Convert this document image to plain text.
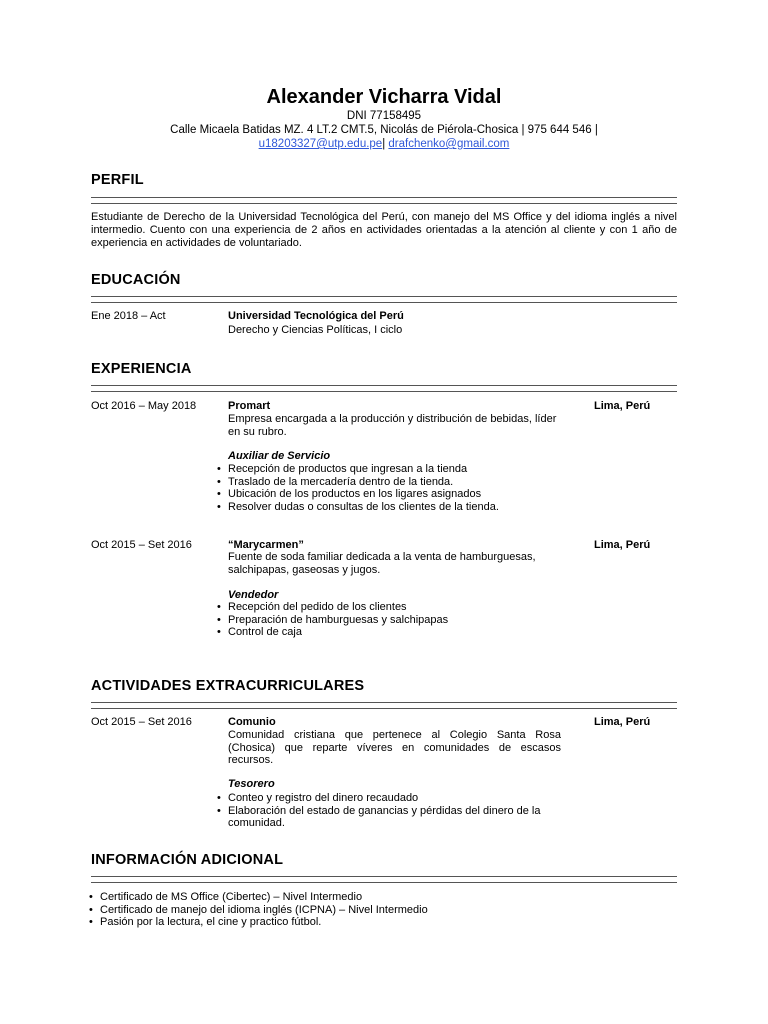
Alexander Vicharra Vidal
DNI 77158495
Calle Micaela Batidas MZ. 4 LT.2 CMT.5, Nicolás de Piérola-Chosica | 975 644 546 |
u18203327@utp.edu.pe| drafchenko@gmail.com
PERFIL
Estudiante de Derecho de la Universidad Tecnológica del Perú, con manejo del MS Office y del idioma inglés a nivel intermedio. Cuento con una experiencia de 2 años en actividades orientadas a la atención al cliente y con 1 año de experiencia en actividades de voluntariado.
EDUCACIÓN
Ene 2018 – Act	Universidad Tecnológica del Perú
Derecho y Ciencias Políticas, I ciclo
EXPERIENCIA
Oct 2016 – May 2018	Promart	Lima, Perú
Empresa encargada a la producción y distribución de bebidas, líder en su rubro.
Auxiliar de Servicio
• Recepción de productos que ingresan a la tienda
• Traslado de la mercadería dentro de la tienda.
• Ubicación de los productos en los ligares asignados
• Resolver dudas o consultas de los clientes de la tienda.
Oct 2015 – Set 2016	“Marycarmen”	Lima, Perú
Fuente de soda familiar dedicada a la venta de hamburguesas, salchipapas, gaseosas y jugos.
Vendedor
• Recepción del pedido de los clientes
• Preparación de hamburguesas y salchipapas
• Control de caja
ACTIVIDADES EXTRACURRICULARES
Oct 2015 – Set 2016	Comunio	Lima, Perú
Comunidad cristiana que pertenece al Colegio Santa Rosa (Chosica) que reparte víveres en comunidades de escasos recursos.
Tesorero
• Conteo y registro del dinero recaudado
• Elaboración del estado de ganancias y pérdidas del dinero de la comunidad.
INFORMACIÓN ADICIONAL
• Certificado de MS Office (Cibertec) – Nivel Intermedio
• Certificado de manejo del idioma inglés (ICPNA) – Nivel Intermedio
• Pasión por la lectura, el cine y practico fútbol.
